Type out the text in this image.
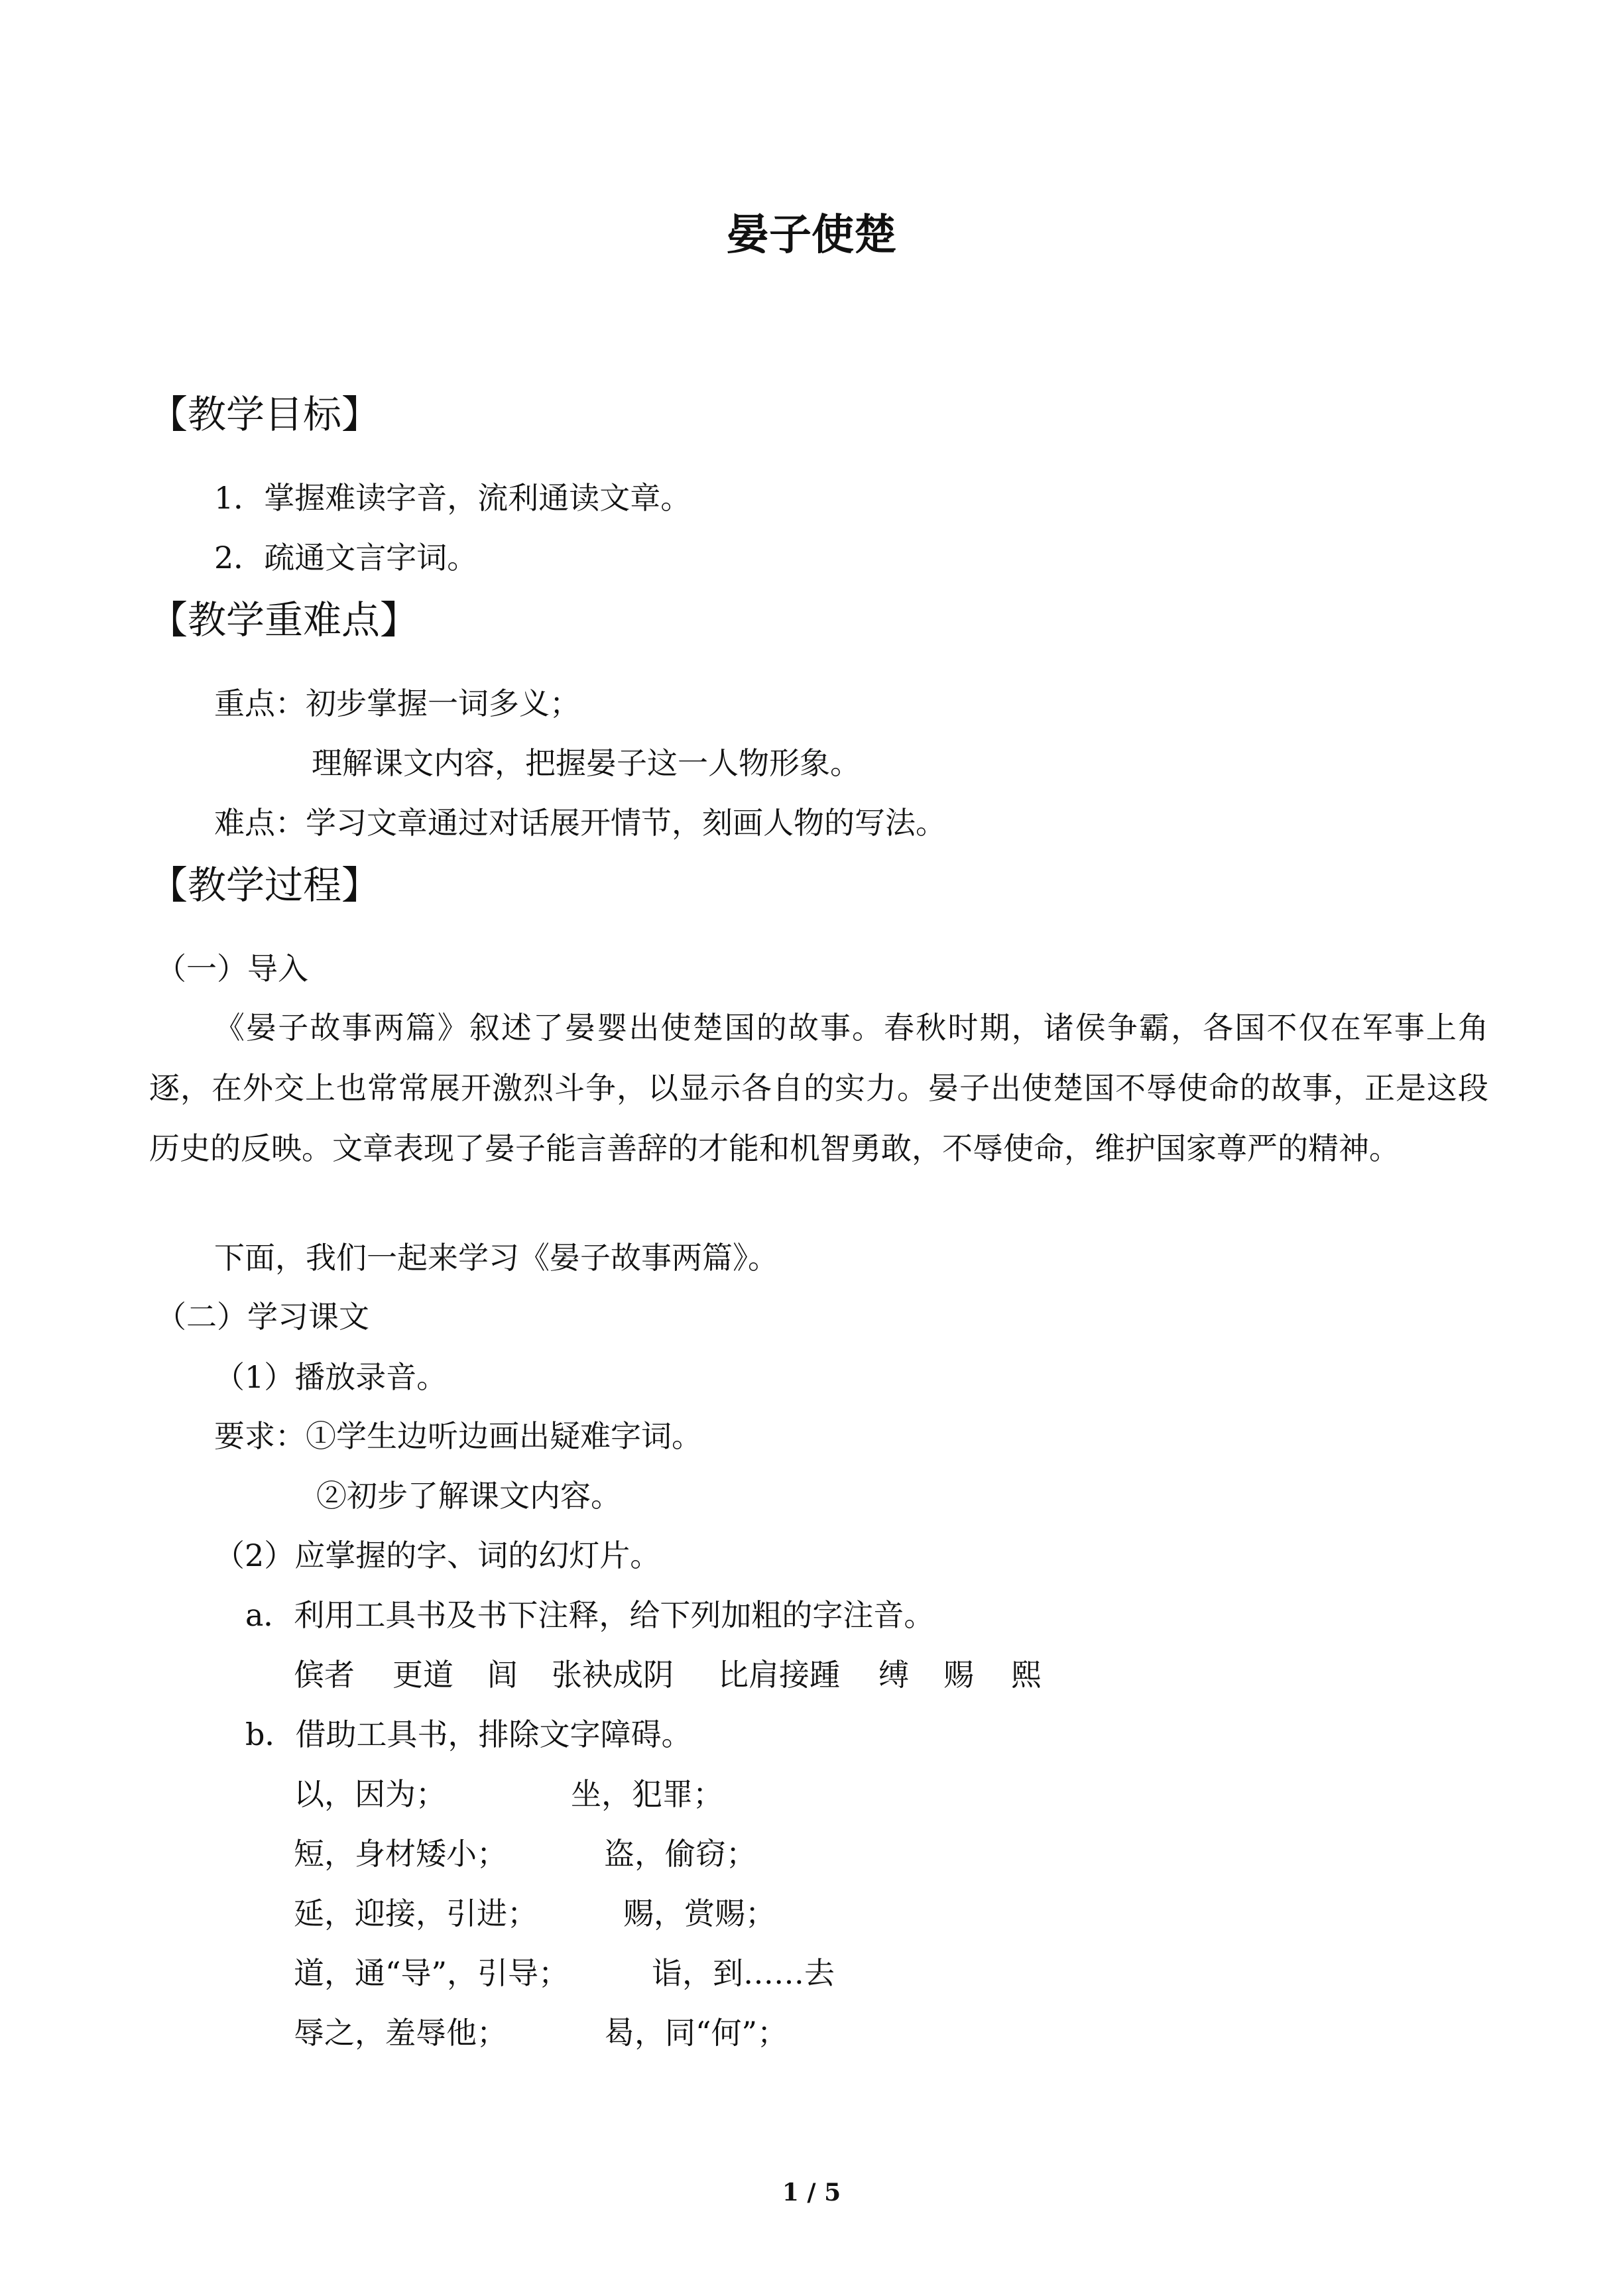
晏子使楚
【教学目标】
1．掌握难读字音，流利通读文章。
2．疏通文言字词。
【教学重难点】
重点：初步掌握一词多义；
理解课文内容，把握晏子这一人物形象。
难点：学习文章通过对话展开情节，刻画人物的写法。
【教学过程】
（一）导入

《晏子故事两篇》叙述了晏婴出使楚国的故事。春秋时期，诸侯争霸，各国不仅在军事上角逐，在外交上也常常展开激烈斗争，以显示各自的实力。晏子出使楚国不辱使命的故事，正是这段历史的反映。文章表现了晏子能言善辞的才能和机智勇敢，不辱使命，维护国家尊严的精神。

下面，我们一起来学习《晏子故事两篇》。
（二）学习课文
（1）播放录音。
要求：①学生边听边画出疑难字词。
②初步了解课文内容。
（2）应掌握的字、词的幻灯片。
a．利用工具书及书下注释，给下列加粗的字注音。
傧者 更道 闾 张袂成阴 比肩接踵 缚 赐 熙
b．借助工具书，排除文字障碍。
以，因为；	坐，犯罪；
短，身材矮小；	盗，偷窃；
延，迎接，引进；	赐，赏赐；
道，通“导”，引导；	诣，到……去
辱之，羞辱他；	曷，同“何”；
1 / 5
